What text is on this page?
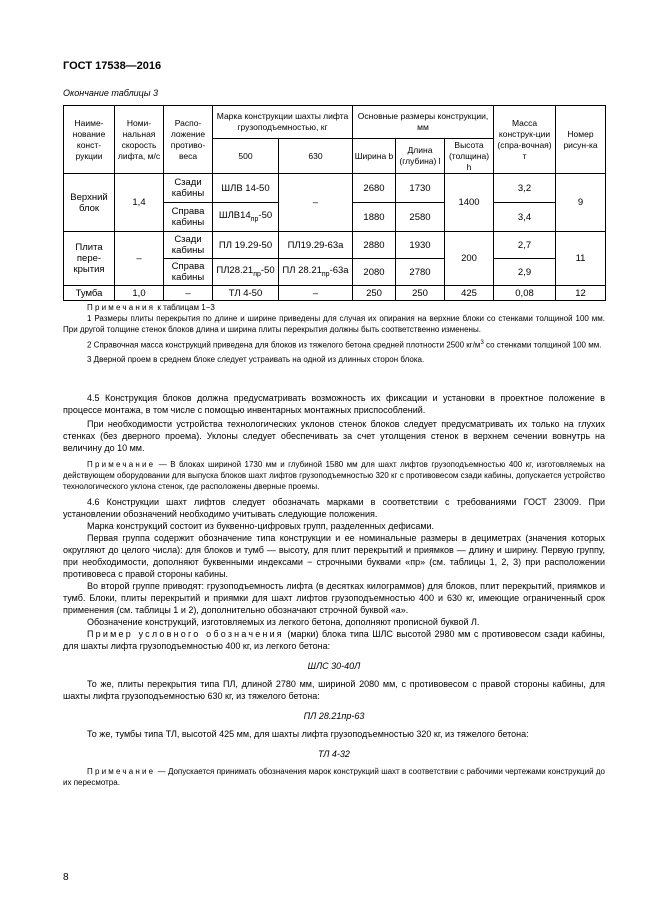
ГОСТ 17538—2016
Окончание таблицы 3
Наиме-нование конст-рукции	Номи-нальная скорость лифта, м/с	Распо-ложение противо-веса	Марка конструкции шахты лифта грузоподъемностью, кг		Основные размеры конструкции, мм			Масса конструк-ции (спра-вочная) т	Номер рисун-ка
			500	630	Ширина b	Длина (глубина) l	Высота (толщина) h		
Верхний блок	1,4	Сзади кабины	ШЛВ 14-50	–	2680	1730	1400	3,2	9
		Справа кабины	$ШЛВ14_{пр}-50$		1880	2580		3,4	
Плита пере-крытия	–	Сзади кабины	ПЛ 19.29-50	ПЛ19.29-63а	2880	1930	200	2,7	11
		Справа кабины	$ПЛ28.21_{пр}-50$	ПЛ $28.21_{пр}-63а$	2080	2780		2,9	
Тумба	1,0	–	ТЛ 4-50	–	250	250	425	0,08	12

Примечания к таблицам 1−3

1 Размеры плиты перекрытия по длине и ширине приведены для случая их опирания на верхние блоки со стенками толщиной 100 мм. При другой толщине стенок блоков длина и ширина плиты перекрытия должны быть соответственно изменены.

2 Справочная масса конструкций приведена для блоков из тяжелого бетона средней плотности 2500 $кг/м^3$ со стенками толщиной 100 мм.

3 Дверной проем в среднем блоке следует устраивать на одной из длинных сторон блока.

4.5 Конструкция блоков должна предусматривать возможность их фиксации и установки в проектное положение в процессе монтажа, в том числе с помощью инвентарных монтажных приспособлений.

При необходимости устройства технологических уклонов стенок блоков следует предусматривать их только на глухих стенках (без дверного проема). Уклоны следует обеспечивать за счет утолщения стенок в верхнем сечении вовнутрь на величину до 10 мм.

Примечание — В блоках шириной 1730 мм и глубиной 1580 мм для шахт лифтов грузоподъемностью 400 кг, изготовляемых на действующем оборудовании для выпуска блоков шахт лифтов грузоподъемностью 320 кг с противовесом сзади кабины, допускается устройство технологического уклона стенок, где расположены дверные проемы.

4.6 Конструкции шахт лифтов следует обозначать марками в соответствии с требованиями ГОСТ 23009. При установлении обозначений необходимо учитывать следующие положения.

Марка конструкций состоит из буквенно-цифровых групп, разделенных дефисами.

Первая группа содержит обозначение типа конструкции и ее номинальные размеры в дециметрах (значения которых округляют до целого числа): для блоков и тумб — высоту, для плит перекрытий и приямков — длину и ширину. Первую группу, при необходимости, дополняют буквенными индексами − строчными буквами «пр» (см. таблицы 1, 2, 3) при расположении противовеса с правой стороны кабины.

Во второй группе приводят: грузоподъемность лифта (в десятках килограммов) для блоков, плит перекрытий, приямков и тумб. Блоки, плиты перекрытий и приямки для шахт лифтов грузоподъемностью 400 и 630 кг, имеющие ограниченный срок применения (см. таблицы 1 и 2), дополнительно обозначают строчной буквой «а».

Обозначение конструкций, изготовляемых из легкого бетона, дополняют прописной буквой Л.

Пример условного обозначения (марки) блока типа ШЛС высотой 2980 мм с противовесом сзади кабины, для шахты лифта грузоподъемностью 400 кг, из легкого бетона:

ШЛС 30-40Л

То же, плиты перекрытия типа ПЛ, длиной 2780 мм, шириной 2080 мм, с противовесом с правой стороны кабины, для шахты лифта грузоподъемностью 630 кг, из тяжелого бетона:

ПЛ 28.21пр-63

То же, тумбы типа ТЛ, высотой 425 мм, для шахты лифта грузоподъемностью 320 кг, из тяжелого бетона:

ТЛ 4-32

Примечание — Допускается принимать обозначения марок конструкций шахт в соответствии с рабочими чертежами конструкций до их пересмотра.

8
